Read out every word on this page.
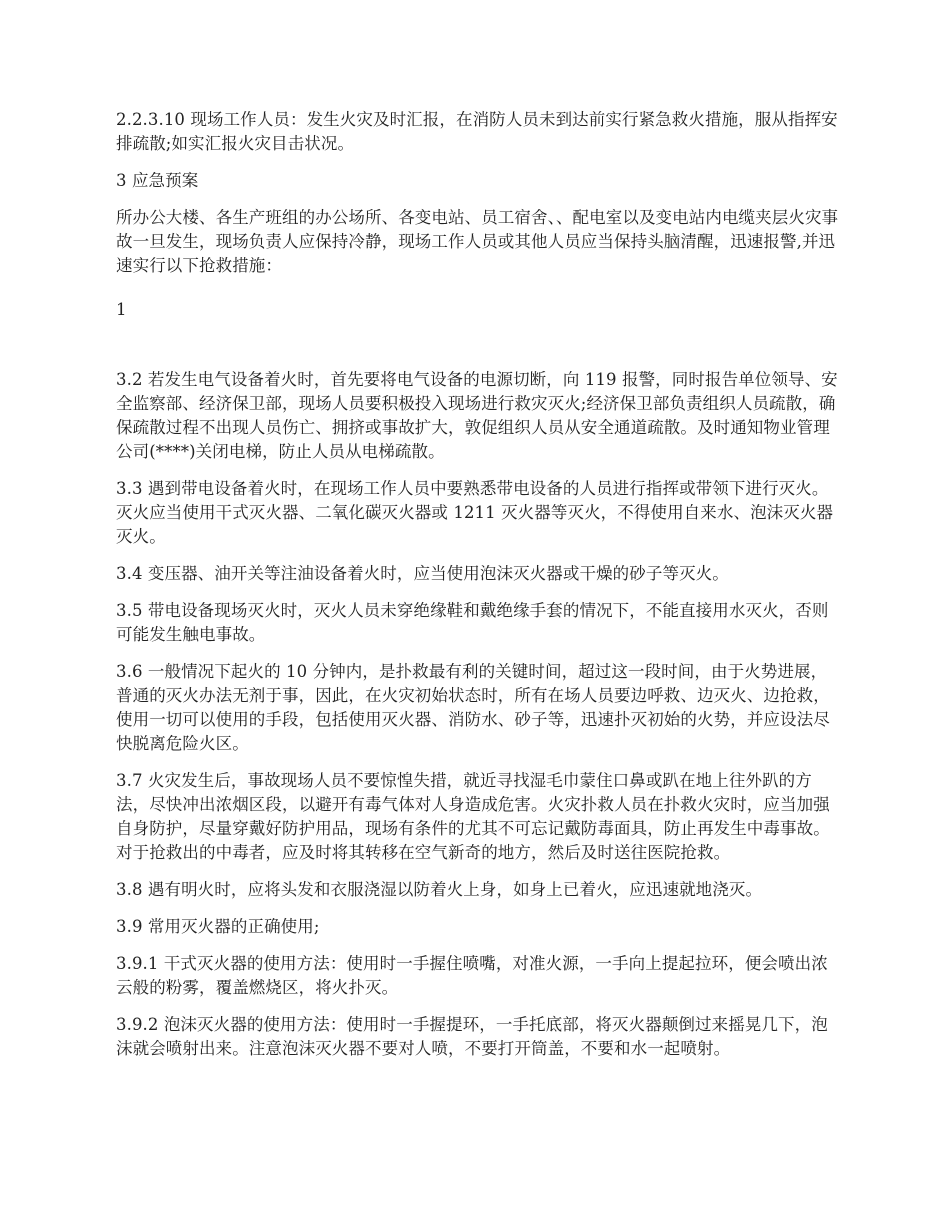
2.2.3.10 现场工作人员：发生火灾及时汇报，在消防人员未到达前实行紧急救火措施，服从指挥安排疏散;如实汇报火灾目击状况。

3 应急预案

所办公大楼、各生产班组的办公场所、各变电站、员工宿舍、、配电室以及变电站内电缆夹层火灾事故一旦发生，现场负责人应保持冷静，现场工作人员或其他人员应当保持头脑清醒，迅速报警,并迅速实行以下抢救措施：

1

3.2 若发生电气设备着火时，首先要将电气设备的电源切断，向 119 报警，同时报告单位领导、安全监察部、经济保卫部，现场人员要积极投入现场进行救灾灭火;经济保卫部负责组织人员疏散，确保疏散过程不出现人员伤亡、拥挤或事故扩大，敦促组织人员从安全通道疏散。及时通知物业管理公司(****)关闭电梯，防止人员从电梯疏散。

3.3 遇到带电设备着火时，在现场工作人员中要熟悉带电设备的人员进行指挥或带领下进行灭火。灭火应当使用干式灭火器、二氧化碳灭火器或 1211 灭火器等灭火，不得使用自来水、泡沫灭火器灭火。

3.4 变压器、油开关等注油设备着火时，应当使用泡沫灭火器或干燥的砂子等灭火。

3.5 带电设备现场灭火时，灭火人员未穿绝缘鞋和戴绝缘手套的情况下，不能直接用水灭火，否则可能发生触电事故。

3.6 一般情况下起火的 10 分钟内，是扑救最有利的关键时间，超过这一段时间，由于火势进展，普通的灭火办法无剂于事，因此，在火灾初始状态时，所有在场人员要边呼救、边灭火、边抢救，使用一切可以使用的手段，包括使用灭火器、消防水、砂子等，迅速扑灭初始的火势，并应设法尽快脱离危险火区。

3.7 火灾发生后，事故现场人员不要惊惶失措，就近寻找湿毛巾蒙住口鼻或趴在地上往外趴的方法，尽快冲出浓烟区段，以避开有毒气体对人身造成危害。火灾扑救人员在扑救火灾时，应当加强自身防护，尽量穿戴好防护用品，现场有条件的尤其不可忘记戴防毒面具，防止再发生中毒事故。对于抢救出的中毒者，应及时将其转移在空气新奇的地方，然后及时送往医院抢救。

3.8 遇有明火时，应将头发和衣服浇湿以防着火上身，如身上已着火，应迅速就地浇灭。

3.9 常用灭火器的正确使用;

3.9.1 干式灭火器的使用方法：使用时一手握住喷嘴，对准火源，一手向上提起拉环，便会喷出浓云般的粉雾，覆盖燃烧区，将火扑灭。

3.9.2 泡沫灭火器的使用方法：使用时一手握提环，一手托底部，将灭火器颠倒过来摇晃几下，泡沫就会喷射出来。注意泡沫灭火器不要对人喷，不要打开筒盖，不要和水一起喷射。
